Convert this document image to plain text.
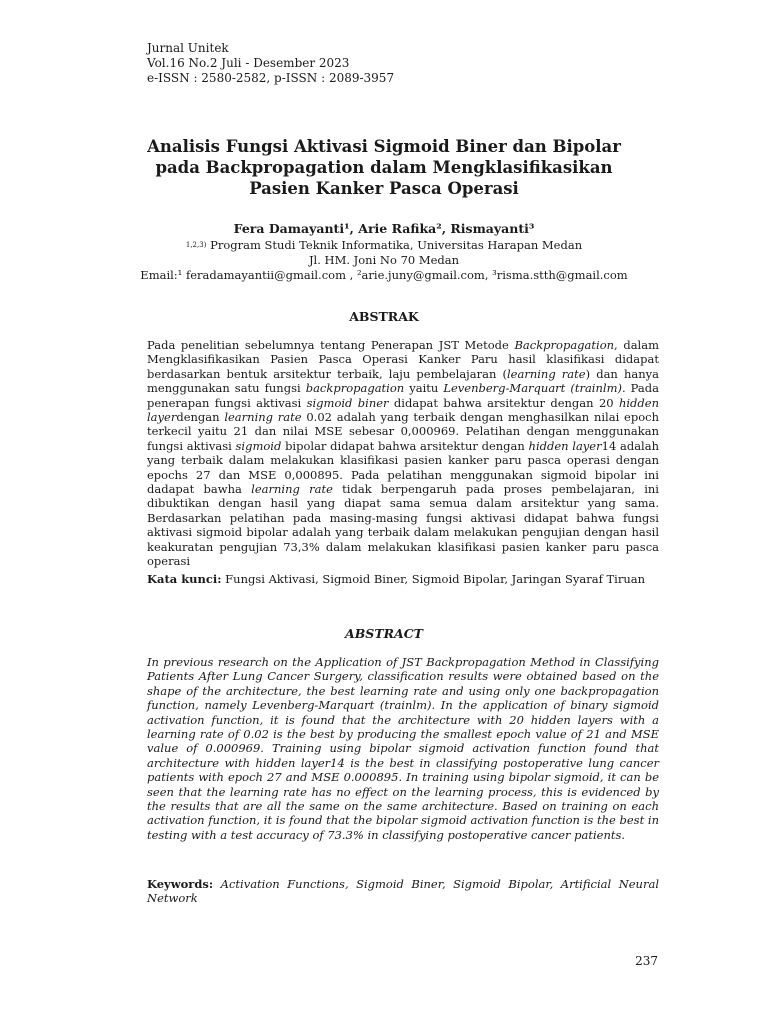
Jurnal Unitek
Vol.16 No.2 Juli - Desember 2023
e-ISSN : 2580-2582, p-ISSN : 2089-3957
Analisis Fungsi Aktivasi Sigmoid Biner dan Bipolar
pada Backpropagation dalam Mengklasifikasikan
Pasien Kanker Pasca Operasi
Fera Damayanti¹, Arie Rafika², Rismayanti³
$^{1,2,3)}$ Program Studi Teknik Informatika, Universitas Harapan Medan
Jl. HM. Joni No 70 Medan
Email:¹ feradamayantii@gmail.com , ²arie.juny@gmail.com, ³risma.stth@gmail.com
ABSTRAK
Pada penelitian sebelumnya tentang Penerapan JST Metode Backpropagation, dalam Mengklasifikasikan Pasien Pasca Operasi Kanker Paru hasil klasifikasi didapat berdasarkan bentuk arsitektur terbaik, laju pembelajaran (learning rate) dan hanya menggunakan satu fungsi backpropagation yaitu Levenberg-Marquart (trainlm). Pada penerapan fungsi aktivasi sigmoid biner didapat bahwa arsitektur dengan 20 hidden layerdengan learning rate 0.02 adalah yang terbaik dengan menghasilkan nilai epoch terkecil yaitu 21 dan nilai MSE sebesar 0,000969. Pelatihan dengan menggunakan fungsi aktivasi sigmoid bipolar didapat bahwa arsitektur dengan hidden layer14 adalah yang terbaik dalam melakukan klasifikasi pasien kanker paru pasca operasi dengan epochs 27 dan MSE 0,000895. Pada pelatihan menggunakan sigmoid bipolar ini dadapat bawha learning rate tidak berpengaruh pada proses pembelajaran, ini dibuktikan dengan hasil yang diapat sama semua dalam arsitektur yang sama. Berdasarkan pelatihan pada masing-masing fungsi aktivasi didapat bahwa fungsi aktivasi sigmoid bipolar adalah yang terbaik dalam melakukan pengujian dengan hasil keakuratan pengujian 73,3% dalam melakukan klasifikasi pasien kanker paru pasca operasi
Kata kunci: Fungsi Aktivasi, Sigmoid Biner, Sigmoid Bipolar, Jaringan Syaraf Tiruan
ABSTRACT
In previous research on the Application of JST Backpropagation Method in Classifying Patients After Lung Cancer Surgery, classification results were obtained based on the shape of the architecture, the best learning rate and using only one backpropagation function, namely Levenberg-Marquart (trainlm). In the application of binary sigmoid activation function, it is found that the architecture with 20 hidden layers with a learning rate of 0.02 is the best by producing the smallest epoch value of 21 and MSE value of 0.000969. Training using bipolar sigmoid activation function found that architecture with hidden layer14 is the best in classifying postoperative lung cancer patients with epoch 27 and MSE 0.000895. In training using bipolar sigmoid, it can be seen that the learning rate has no effect on the learning process, this is evidenced by the results that are all the same on the same architecture. Based on training on each activation function, it is found that the bipolar sigmoid activation function is the best in testing with a test accuracy of 73.3% in classifying postoperative cancer patients.
Keywords: Activation Functions, Sigmoid Biner, Sigmoid Bipolar, Artificial Neural Network
237
